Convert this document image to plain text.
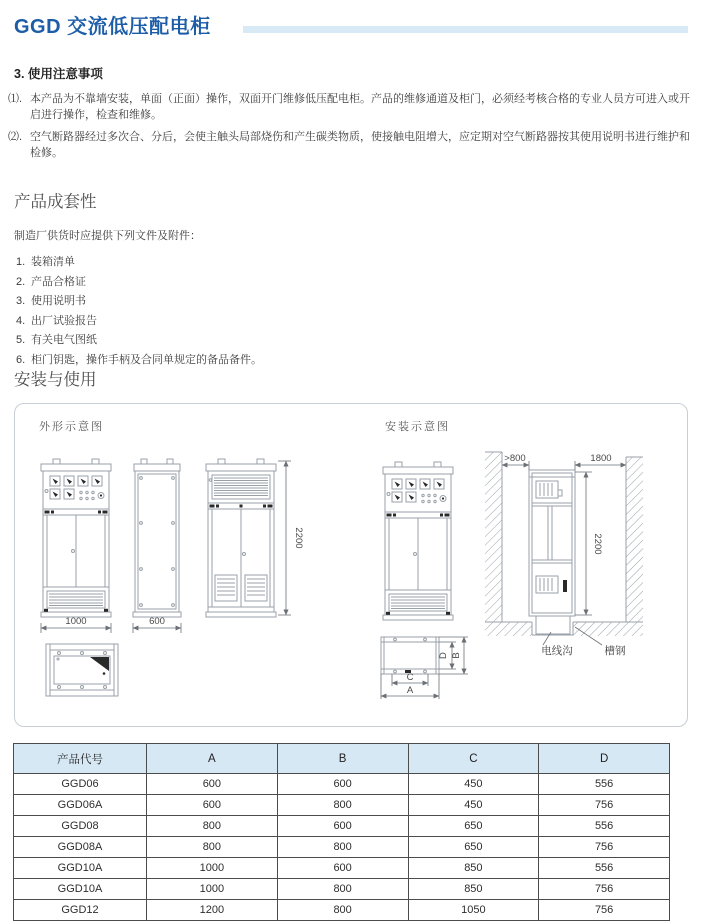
GGD 交流低压配电柜
3. 使用注意事项
⑴. 本产品为不靠墙安装，单面（正面）操作，双面开门维修低压配电柜。产品的维修通道及柜门，必须经考核合格的专业人员方可进入或开启进行操作，检查和维修。
⑵. 空气断路器经过多次合、分后，会使主触头局部烧伤和产生碳类物质，使接触电阻增大，应定期对空气断路器按其使用说明书进行维护和检修。
产品成套性
制造厂供货时应提供下列文件及附件：
1. 装箱清单
2. 产品合格证
3. 使用说明书
4. 出厂试验报告
5. 有关电气图纸
6. 柜门钥匙，操作手柄及合同单规定的备品备件。
安装与使用
外形示意图	安装示意图
1000	600
2200
>800	1800
2200
电线沟	槽钢
D B
C
A
产品代号	A	B	C	D
GGD06	600	600	450	556
GGD06A	600	800	450	756
GGD08	800	600	650	556
GGD08A	800	800	650	756
GGD10A	1000	600	850	556
GGD10A	1000	800	850	756
GGD12	1200	800	1050	756
